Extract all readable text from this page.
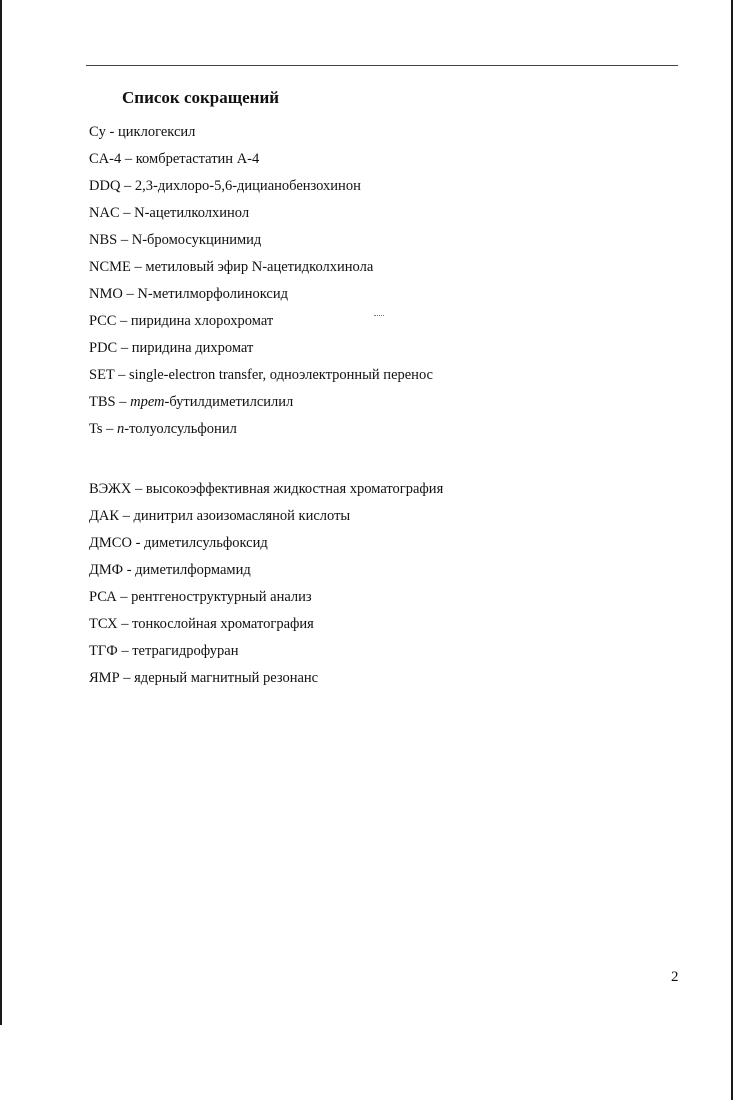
Список сокращений
Cy - циклогексил
CA-4 – комбретастатин А-4
DDQ – 2,3-дихлоро-5,6-дицианобензохинон
NAC – N-ацетилколхинол
NBS – N-бромосукцинимид
NCME – метиловый эфир N-ацетидколхинола
NMO – N-метилморфолиноксид
PCC – пиридина хлорохромат
PDC – пиридина дихромат
SET – single-electron transfer, одноэлектронный перенос
TBS – трет-бутилдиметилсилил
Ts – n-толуолсульфонил
ВЭЖХ – высокоэффективная жидкостная хроматография
ДАК – динитрил азоизомасляной кислоты
ДМСО - диметилсульфоксид
ДМФ - диметилформамид
РСА – рентгеноструктурный анализ
ТСХ – тонкослойная хроматография
ТГФ – тетрагидрофуран
ЯМР – ядерный магнитный резонанс
2
